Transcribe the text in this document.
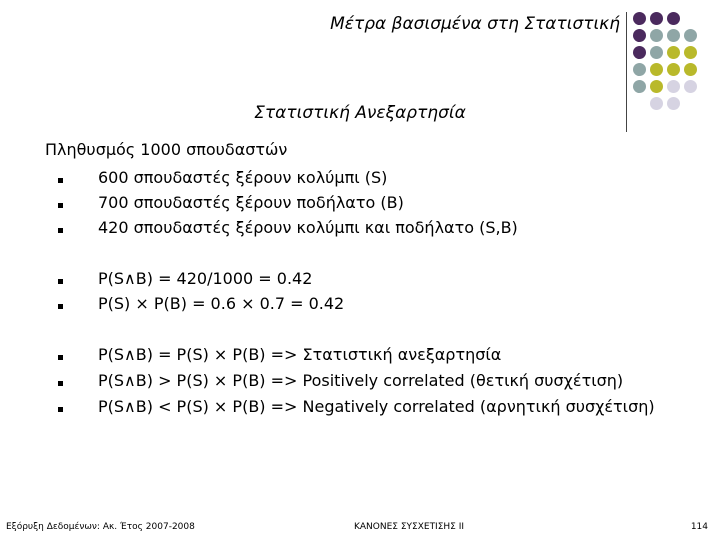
Μέτρα βασισμένα στη Στατιστική
Στατιστική Ανεξαρτησία
Πληθυσμός 1000 σπουδαστών
600 σπουδαστές ξέρουν κολύμπι (S)
700 σπουδαστές ξέρουν ποδήλατο (B)
420 σπουδαστές ξέρουν κολύμπι και ποδήλατο (S,B)
P(S∧B) = 420/1000 = 0.42
P(S) × P(B) = 0.6 × 0.7 = 0.42
P(S∧B) = P(S) × P(B) => Στατιστική ανεξαρτησία
P(S∧B) > P(S) × P(B) => Positively correlated (θετική συσχέτιση)
P(S∧B) < P(S) × P(B) => Negatively correlated (αρνητική συσχέτιση)
Εξόρυξη Δεδομένων: Ακ. Έτος 2007-2008	ΚΑΝΟΝΕΣ ΣΥΣΧΕΤΙΣΗΣ ΙΙ	114
